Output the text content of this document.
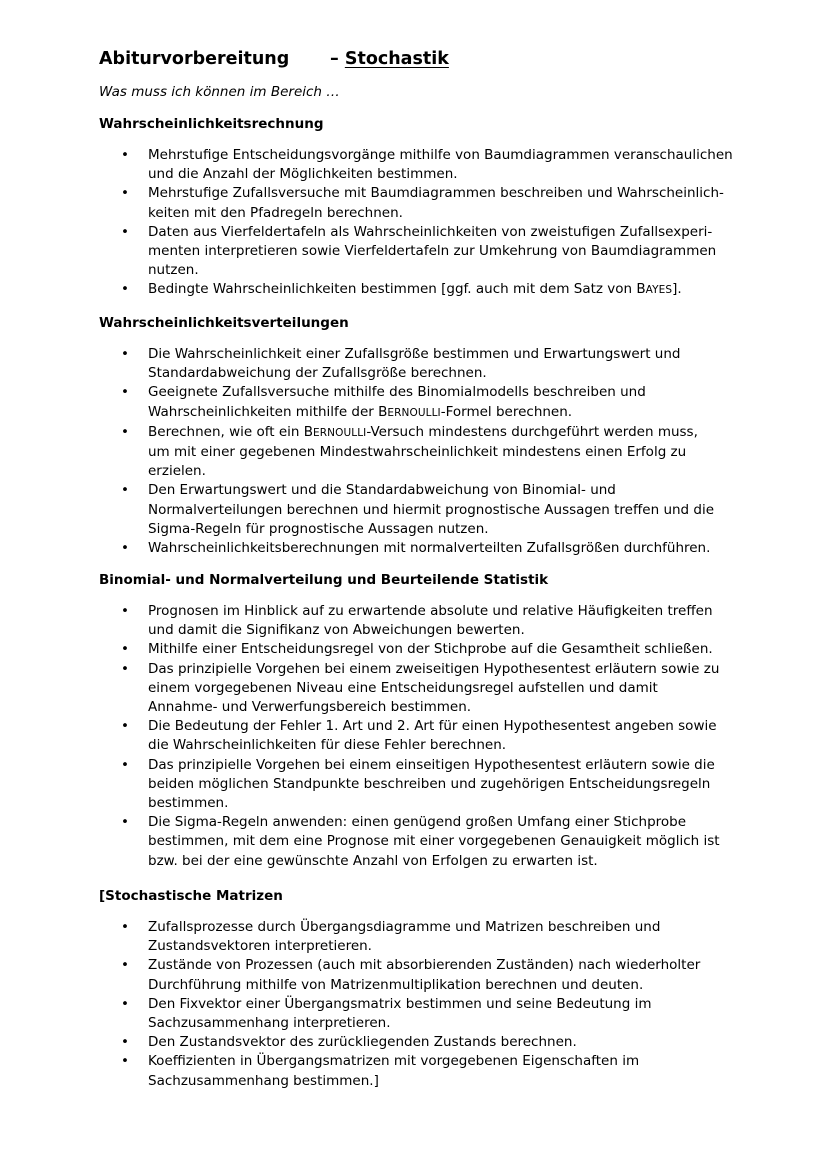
Abiturvorbereitung – Stochastik

Was muss ich können im Bereich …

Wahrscheinlichkeitsrechnung
• Mehrstufige Entscheidungsvorgänge mithilfe von Baumdiagrammen veranschaulichen
und die Anzahl der Möglichkeiten bestimmen.
• Mehrstufige Zufallsversuche mit Baumdiagrammen beschreiben und Wahrscheinlich-
keiten mit den Pfadregeln berechnen.
• Daten aus Vierfeldertafeln als Wahrscheinlichkeiten von zweistufigen Zufallsexperi-
menten interpretieren sowie Vierfeldertafeln zur Umkehrung von Baumdiagrammen
nutzen.
• Bedingte Wahrscheinlichkeiten bestimmen [ggf. auch mit dem Satz von BAYES].
Wahrscheinlichkeitsverteilungen
• Die Wahrscheinlichkeit einer Zufallsgröße bestimmen und Erwartungswert und
Standardabweichung der Zufallsgröße berechnen.
• Geeignete Zufallsversuche mithilfe des Binomialmodells beschreiben und
Wahrscheinlichkeiten mithilfe der BERNOULLI-Formel berechnen.
• Berechnen, wie oft ein BERNOULLI-Versuch mindestens durchgeführt werden muss,
um mit einer gegebenen Mindestwahrscheinlichkeit mindestens einen Erfolg zu
erzielen.
• Den Erwartungswert und die Standardabweichung von Binomial- und
Normalverteilungen berechnen und hiermit prognostische Aussagen treffen und die
Sigma-Regeln für prognostische Aussagen nutzen.
• Wahrscheinlichkeitsberechnungen mit normalverteilten Zufallsgrößen durchführen.
Binomial- und Normalverteilung und Beurteilende Statistik
• Prognosen im Hinblick auf zu erwartende absolute und relative Häufigkeiten treffen
und damit die Signifikanz von Abweichungen bewerten.
• Mithilfe einer Entscheidungsregel von der Stichprobe auf die Gesamtheit schließen.
• Das prinzipielle Vorgehen bei einem zweiseitigen Hypothesentest erläutern sowie zu
einem vorgegebenen Niveau eine Entscheidungsregel aufstellen und damit
Annahme- und Verwerfungsbereich bestimmen.
• Die Bedeutung der Fehler 1. Art und 2. Art für einen Hypothesentest angeben sowie
die Wahrscheinlichkeiten für diese Fehler berechnen.
• Das prinzipielle Vorgehen bei einem einseitigen Hypothesentest erläutern sowie die
beiden möglichen Standpunkte beschreiben und zugehörigen Entscheidungsregeln
bestimmen.
• Die Sigma-Regeln anwenden: einen genügend großen Umfang einer Stichprobe
bestimmen, mit dem eine Prognose mit einer vorgegebenen Genauigkeit möglich ist
bzw. bei der eine gewünschte Anzahl von Erfolgen zu erwarten ist.
[Stochastische Matrizen
• Zufallsprozesse durch Übergangsdiagramme und Matrizen beschreiben und
Zustandsvektoren interpretieren.
• Zustände von Prozessen (auch mit absorbierenden Zuständen) nach wiederholter
Durchführung mithilfe von Matrizenmultiplikation berechnen und deuten.
• Den Fixvektor einer Übergangsmatrix bestimmen und seine Bedeutung im
Sachzusammenhang interpretieren.
• Den Zustandsvektor des zurückliegenden Zustands berechnen.
• Koeffizienten in Übergangsmatrizen mit vorgegebenen Eigenschaften im
Sachzusammenhang bestimmen.]
